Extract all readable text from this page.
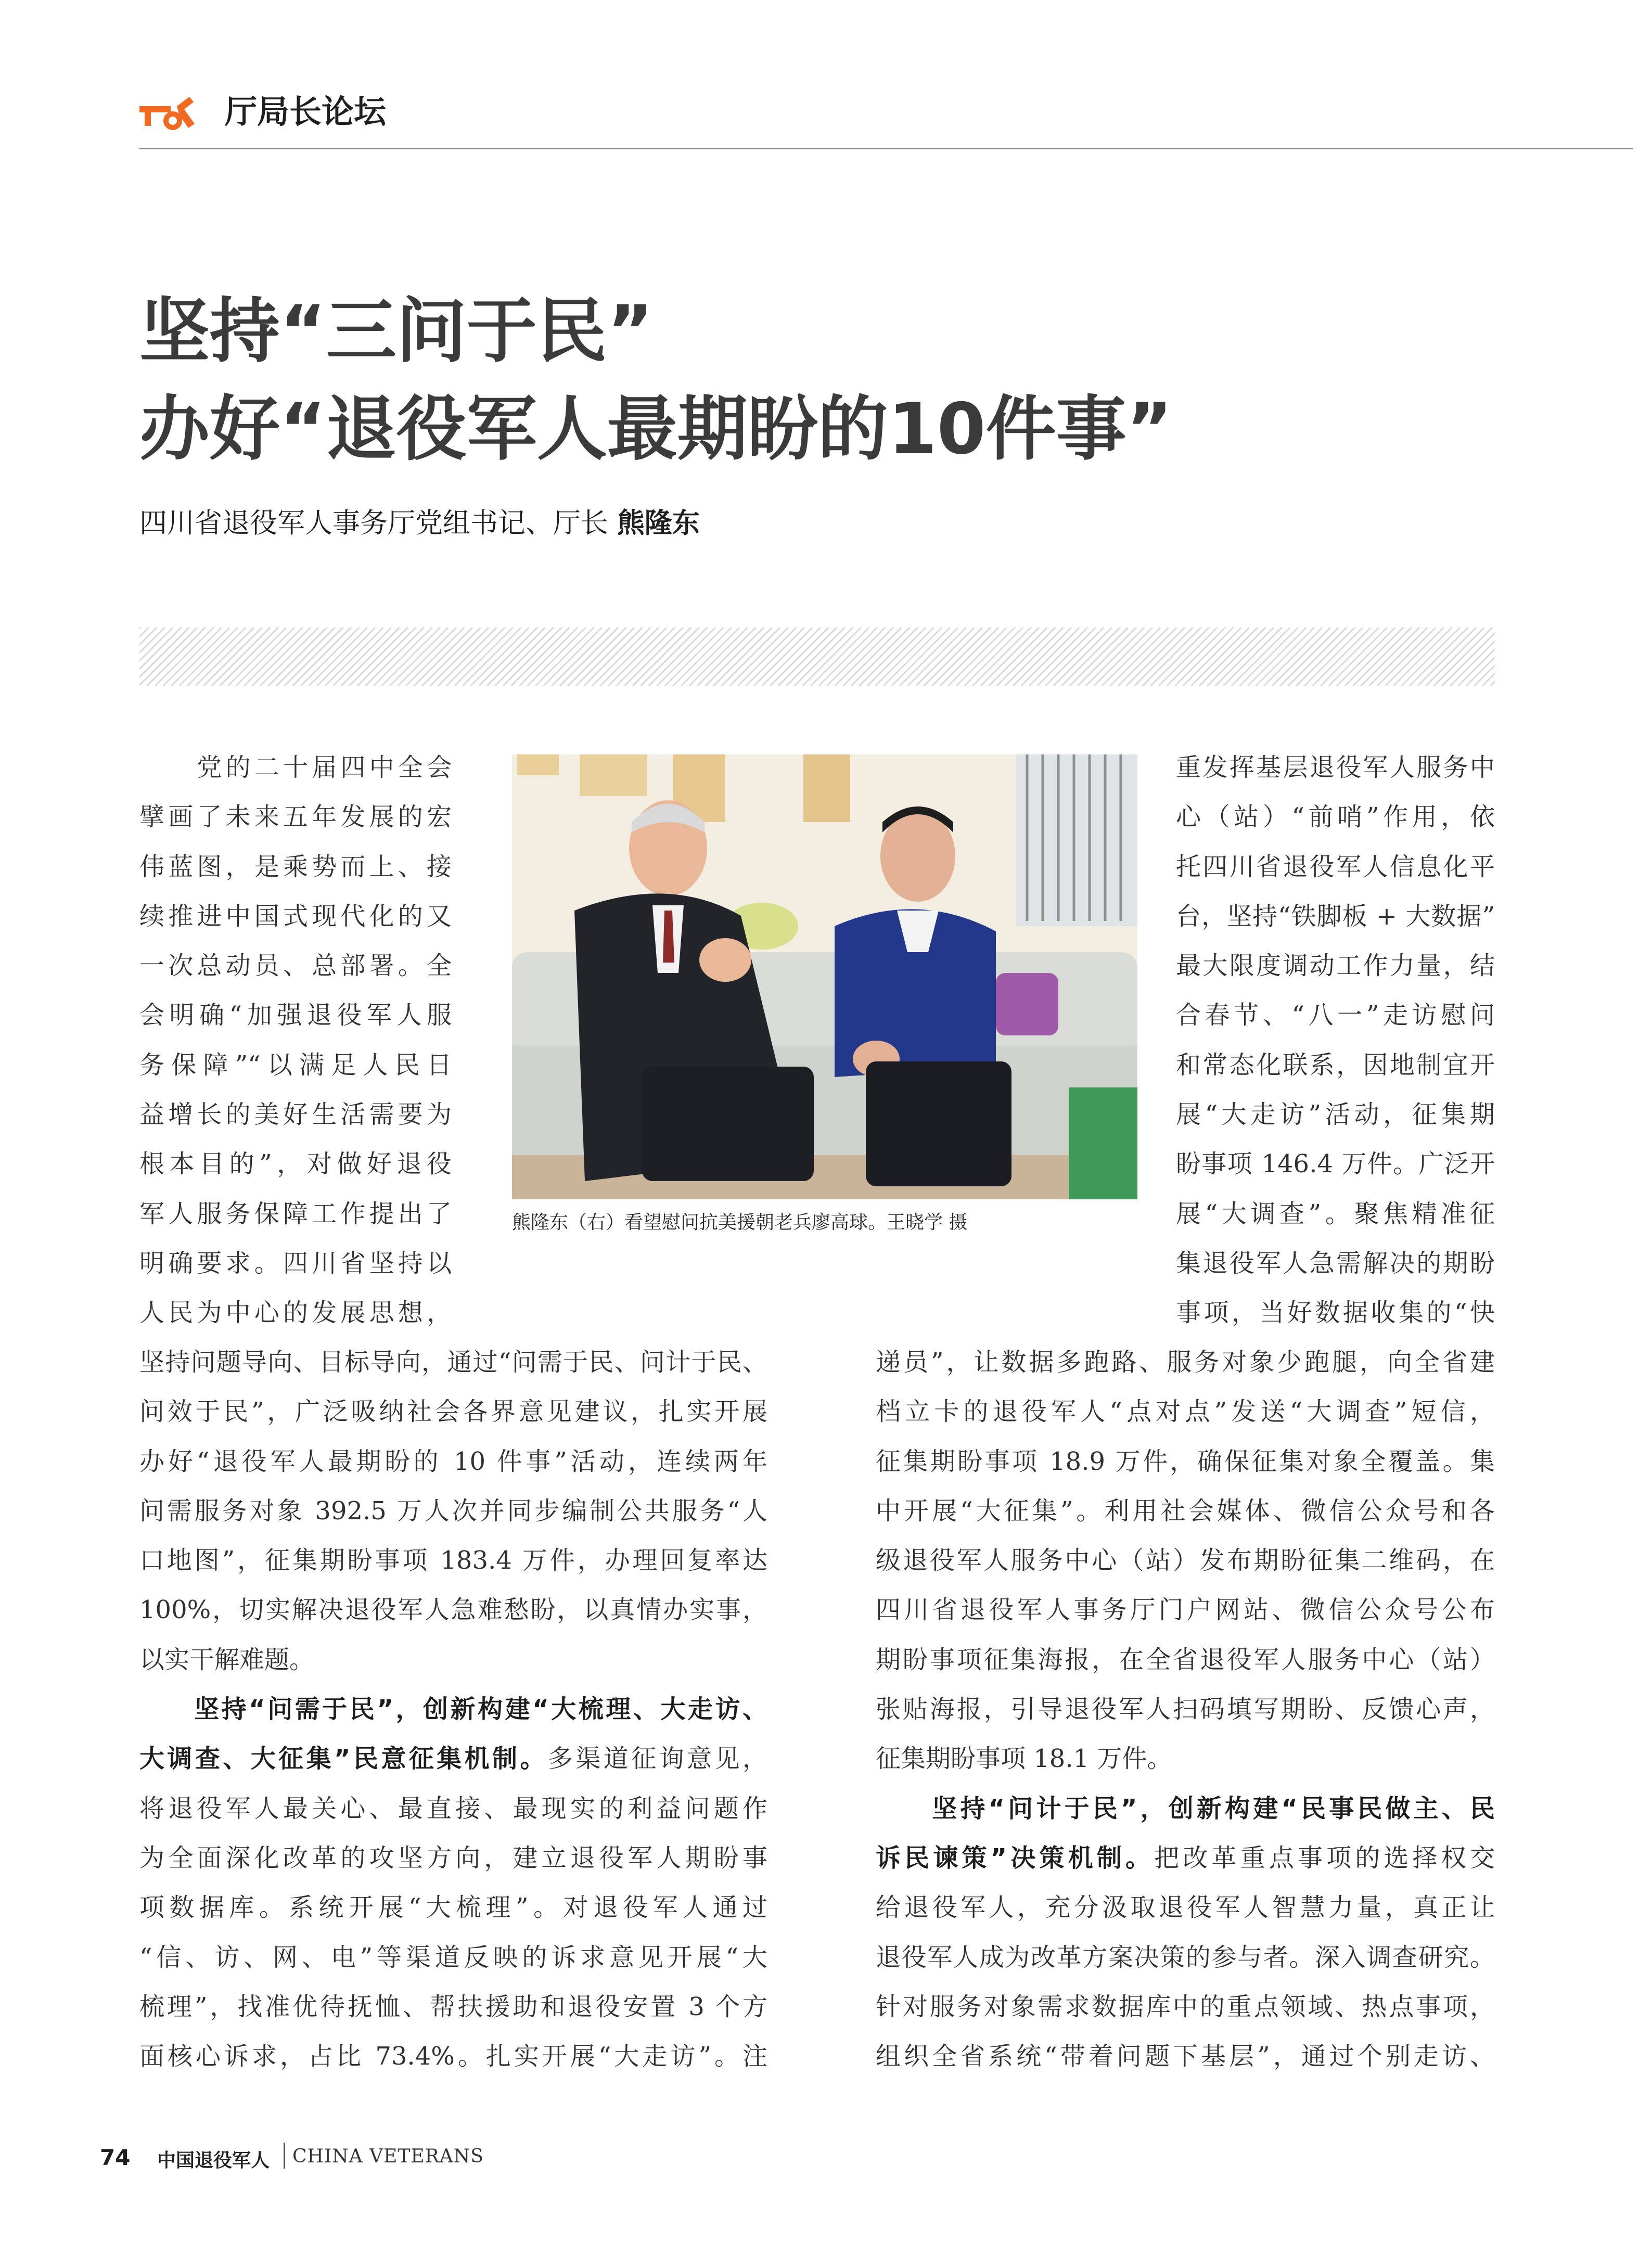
厅局长论坛
坚持“三问于民”
办好“退役军人最期盼的10件事”
四川省退役军人事务厅党组书记、厅长 熊隆东

　　党的二十届四中全会

擘画了未来五年发展的宏

伟蓝图，是乘势而上、接

续推进中国式现代化的又

一次总动员、总部署。全

会明确“加强退役军人服

务保障”“以满足人民日

益增长的美好生活需要为

根本目的”，对做好退役

军人服务保障工作提出了

明确要求。四川省坚持以

人民为中心的发展思想，

重发挥基层退役军人服务中

心（站）“前哨”作用，依

托四川省退役军人信息化平

台，坚持“铁脚板 + 大数据”

最大限度调动工作力量，结

合春节、“八一”走访慰问

和常态化联系，因地制宜开

展“大走访”活动，征集期

盼事项 146.4 万件。广泛开

展“大调查”。聚焦精准征

集退役军人急需解决的期盼

事项，当好数据收集的“快

熊隆东（右）看望慰问抗美援朝老兵廖高球。王晓学 摄

坚持问题导向、目标导向，通过“问需于民、问计于民、

问效于民”，广泛吸纳社会各界意见建议，扎实开展

办好“退役军人最期盼的 10 件事”活动，连续两年

问需服务对象 392.5 万人次并同步编制公共服务“人

口地图”，征集期盼事项 183.4 万件，办理回复率达

100%，切实解决退役军人急难愁盼，以真情办实事，

以实干解难题。

　　坚持“问需于民”，创新构建“大梳理、大走访、

大调查、大征集”民意征集机制。多渠道征询意见，

将退役军人最关心、最直接、最现实的利益问题作

为全面深化改革的攻坚方向，建立退役军人期盼事

项数据库。系统开展“大梳理”。对退役军人通过

“信、访、网、电”等渠道反映的诉求意见开展“大

梳理”，找准优待抚恤、帮扶援助和退役安置 3 个方

面核心诉求，占比 73.4%。扎实开展“大走访”。注

递员”，让数据多跑路、服务对象少跑腿，向全省建

档立卡的退役军人“点对点”发送“大调查”短信，

征集期盼事项 18.9 万件，确保征集对象全覆盖。集

中开展“大征集”。利用社会媒体、微信公众号和各

级退役军人服务中心（站）发布期盼征集二维码，在

四川省退役军人事务厅门户网站、微信公众号公布

期盼事项征集海报，在全省退役军人服务中心（站）

张贴海报，引导退役军人扫码填写期盼、反馈心声，

征集期盼事项 18.1 万件。

　　坚持“问计于民”，创新构建“民事民做主、民

诉民谏策”决策机制。把改革重点事项的选择权交

给退役军人，充分汲取退役军人智慧力量，真正让

退役军人成为改革方案决策的参与者。深入调查研究。

针对服务对象需求数据库中的重点领域、热点事项，

组织全省系统“带着问题下基层”，通过个别走访、

74 中国退役军人 CHINA VETERANS
